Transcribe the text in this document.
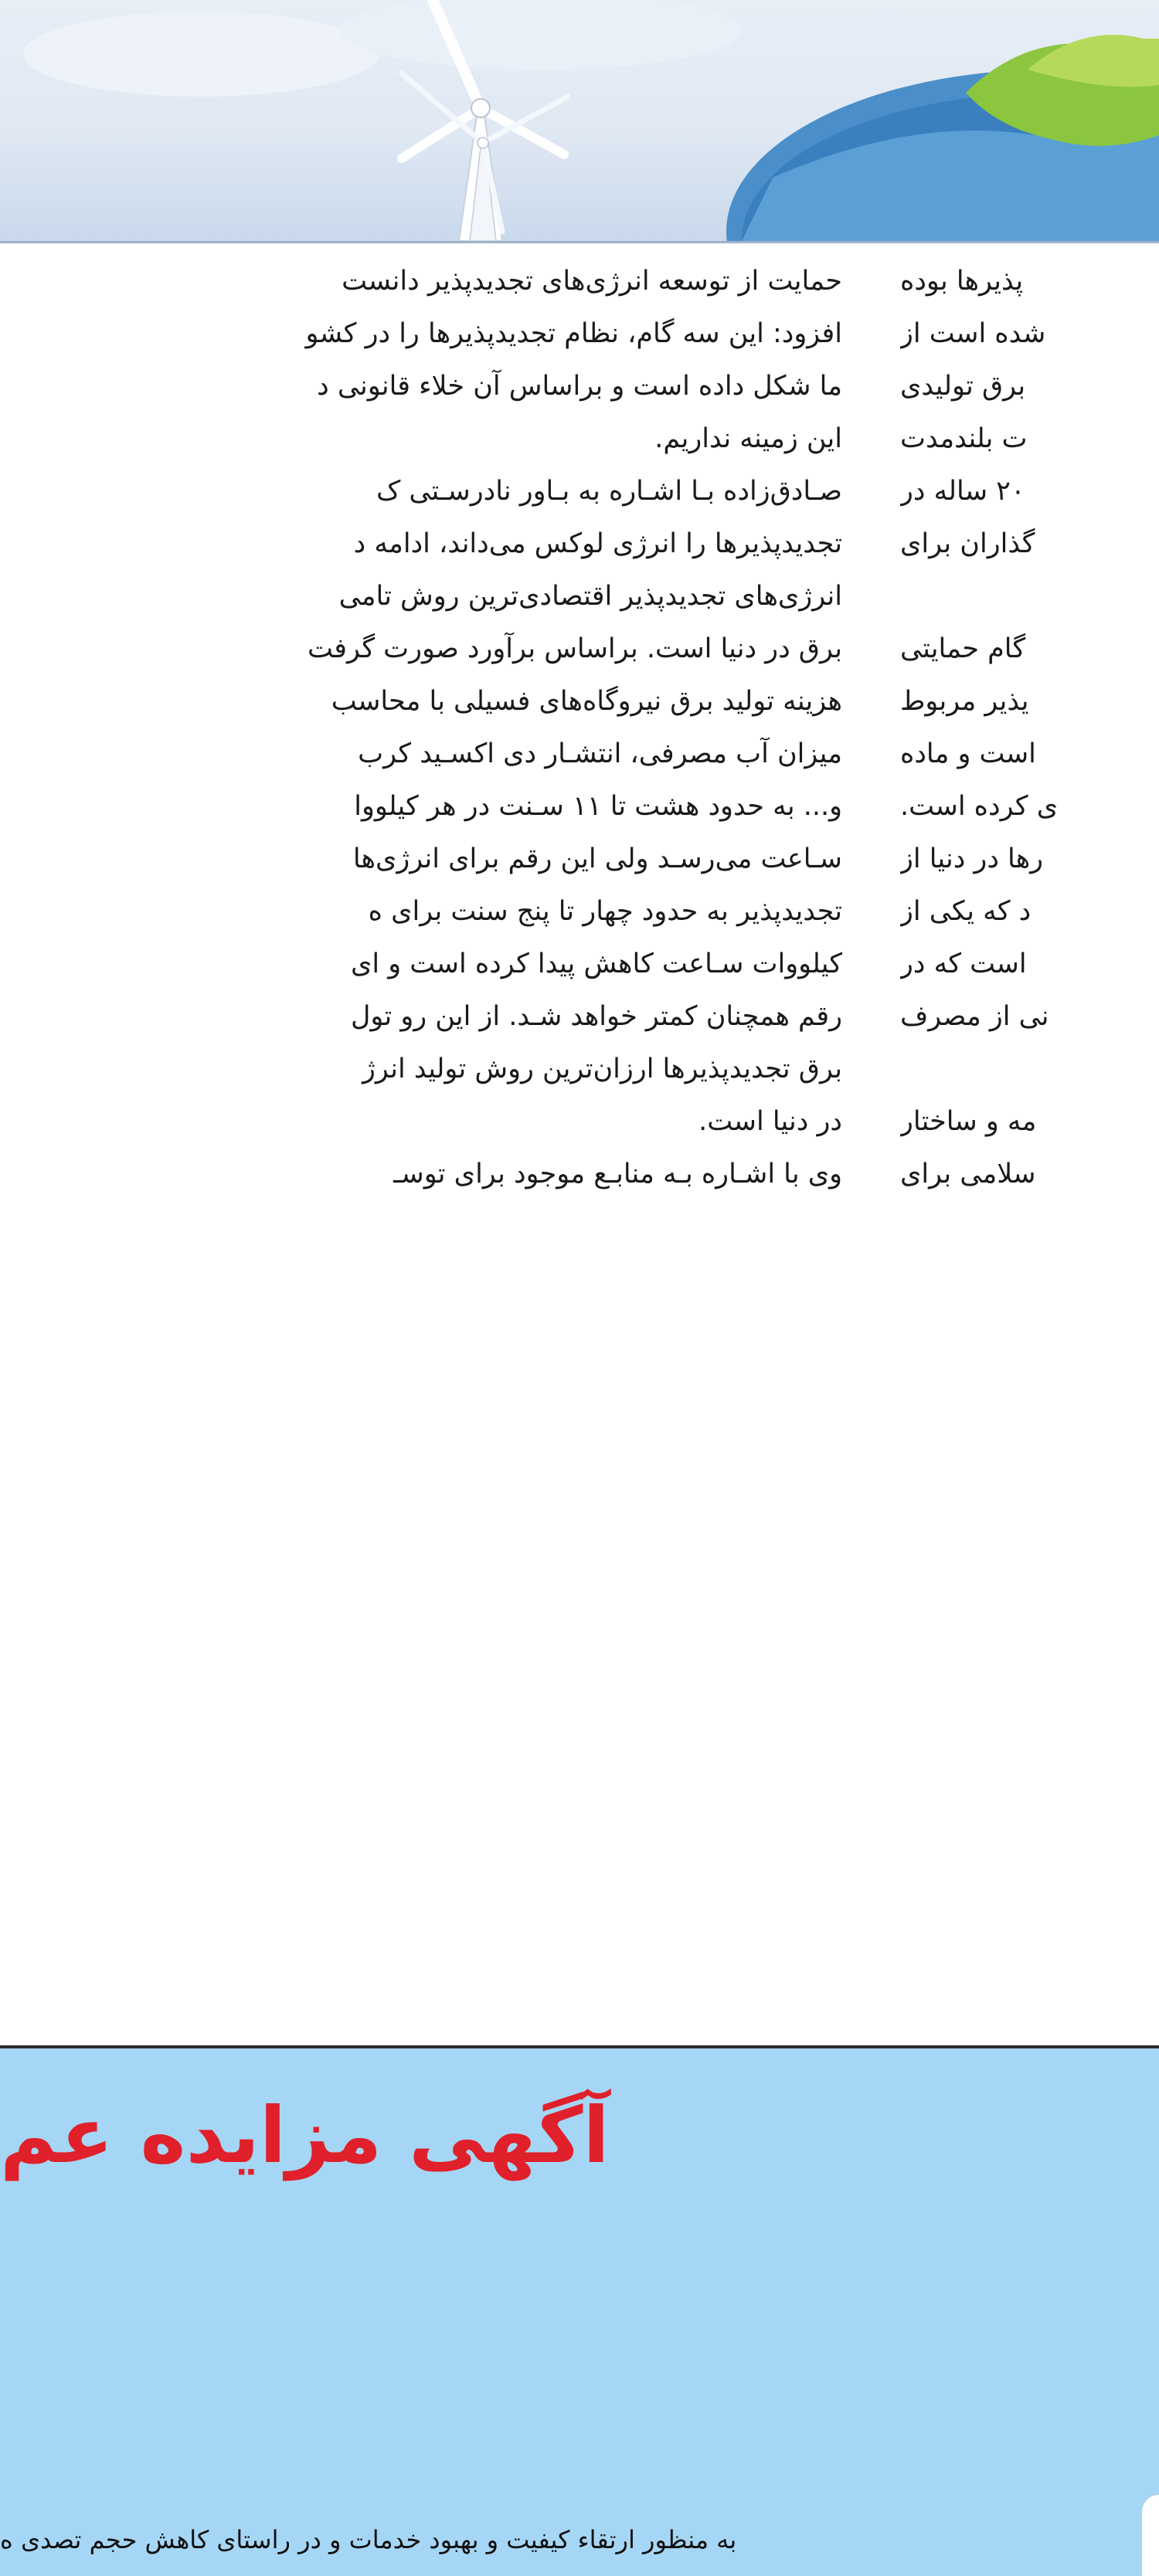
حمایت از توسعه انرژی‌های تجدیدپذیر دانست
افزود: این سه گام، نظام تجدیدپذیرها را در کشو
ما شکل داده است و براساس آن خلاء قانونی د
این زمینه نداریم.
صـادق‌زاده بـا اشـاره به بـاور نادرسـتی ک
تجدیدپذیرها را انرژی لوکس می‌داند، ادامه د
انرژی‌های تجدیدپذیر اقتصادی‌ترین روش تامی
برق در دنیا است. براساس برآورد صورت گرفت
هزینه تولید برق نیروگاه‌های فسیلی با محاسب
میزان آب مصرفی، انتشـار دی اکسـید کرب
و... به حدود هشت تا ۱۱ سـنت در هر کیلووا
سـاعت می‌رسـد ولی این رقم برای انرژی‌ها
تجدیدپذیر به حدود چهار تا پنج سنت برای ه
کیلووات سـاعت کاهش پیدا کرده است و ای
رقم همچنان کمتر خواهد شـد. از این رو تول
برق تجدیدپذیرها ارزان‌ترین روش تولید انرژ
در دنیا است.
وی با اشـاره بـه منابـع موجود برای توسـ
پذیرها بوده
شده است از
برق تولیدی
ت بلندمدت
۲۰ ساله در
گذاران برای
گام حمایتی
یذیر مربوط
است و ماده
ی کرده است.
رها در دنیا از
د که یکی از
است که در
نی از مصرف
مه و ساختار
سلامی برای
آگهی مزایده عم
به منظور ارتقاء کیفیت و بهبود خدمات و در راستای کاهش حجم تصدی ه
